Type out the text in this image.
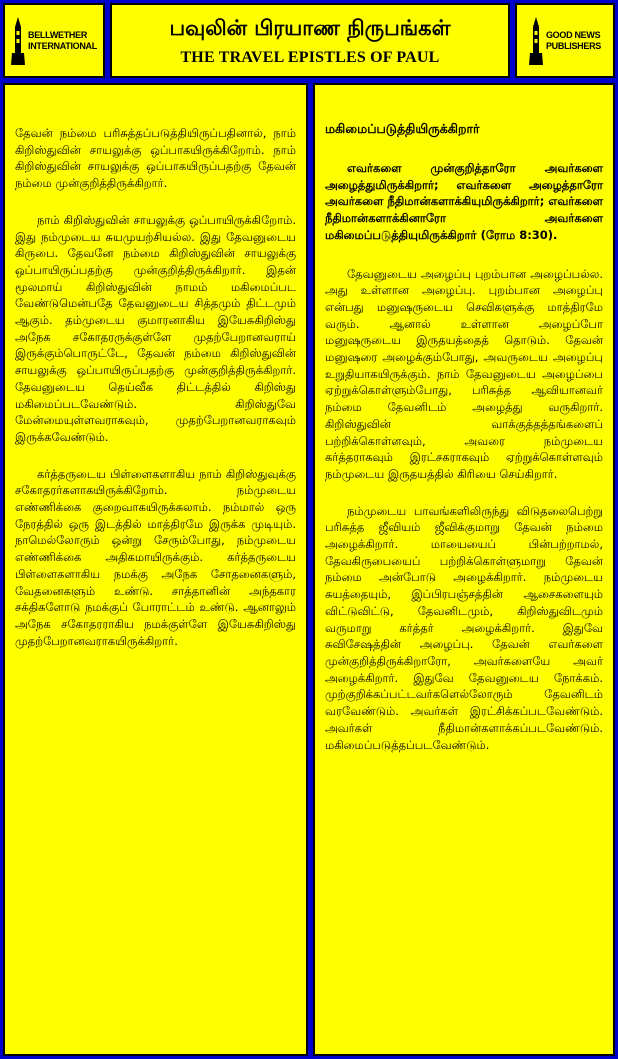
BELLWETHER
INTERNATIONAL
பவுலின் பிரயாண நிருபங்கள்
THE TRAVEL EPISTLES OF PAUL
GOOD NEWS
PUBLISHERS

தேவன் நம்மை பரிசுத்தப்படுத்தியிருப்பதினால், நாம் கிறிஸ்துவின் சாயலுக்கு ஒப்பாகயிருக்கிறோம். நாம் கிறிஸ்துவின் சாயலுக்கு ஒப்பாகயிருப்பதற்கு தேவன் நம்மை முன்குறித்திருக்கிறார்.

நாம் கிறிஸ்துவின் சாயலுக்கு ஒப்பாயிருக்கிறோம். இது நம்முடைய சுயமுயற்சியல்ல. இது தேவனுடைய கிருபை. தேவனே நம்மை கிறிஸ்துவின் சாயலுக்கு ஒப்பாயிருப்பதற்கு முன்குறித்திருக்கிறார். இதன் மூலமாய் கிறிஸ்துவின் நாமம் மகிமைப்பட வேண்டுமென்பதே தேவனுடைய சித்தமும் திட்டமும் ஆகும். தம்முடைய குமாரனாகிய இயேசுகிறிஸ்து அநேக சகோதரருக்குள்ளே முதற்பேறானவராய் இருக்கும்பொருட்டே, தேவன் நம்மை கிறிஸ்துவின் சாயலுக்கு ஒப்பாயிருப்பதற்கு முன்குறித்திருக்கிறார். தேவனுடைய தெய்வீக திட்டத்தில் கிறிஸ்து மகிமைப்படவேண்டும். கிறிஸ்துவே மேன்மையுள்ளவராகவும், முதற்பேறானவராகவும் இருக்கவேண்டும்.

கர்த்தருடைய பிள்ளைகளாகிய நாம் கிறிஸ்துவுக்கு சகோதரர்களாகயிருக்கிறோம். நம்முடைய எண்ணிக்கை குறைவாகயிருக்கலாம். நம்மால் ஒரு நேரத்தில் ஒரு இடத்தில் மாத்திரமே இருக்க முடியும். நாமெல்லோரும் ஒன்று சேரும்போது, நம்முடைய எண்ணிக்கை அதிகமாயிருக்கும். கர்த்தருடைய பிள்ளைகளாகிய நமக்கு அநேக சோதனைகளும், வேதனைகளும் உண்டு. சாத்தானின் அந்தகார சக்திகளோடு நமக்குப் போராட்டம் உண்டு. ஆனாலும் அநேக சகோதரராகிய நமக்குள்ளே இயேசுகிறிஸ்து முதற்பேறானவராகயிருக்கிறார்.

மகிமைப்படுத்தியிருக்கிறார்

எவர்களை முன்குறித்தாரோ அவர்களை அழைத்துமிருக்கிறார்; எவர்களை அழைத்தாரோ அவர்களை நீதிமான்களாக்கியுமிருக்கிறார்; எவர்களை நீதிமான்களாக்கினாரோ அவர்களை மகிமைப்படுத்தியுமிருக்கிறார் (ரோம 8:30).

தேவனுடைய அழைப்பு புறம்பான அழைப்பல்ல. அது உள்ளான அழைப்பு. புறம்பான அழைப்பு என்பது மனுஷருடைய செவிகளுக்கு மாத்திரமே வரும். ஆனால் உள்ளான அழைப்போ மனுஷருடைய இருதயத்தைத் தொடும். தேவன் மனுஷரை அழைக்கும்போது, அவருடைய அழைப்பு உறுதியாகயிருக்கும். நாம் தேவனுடைய அழைப்பை ஏற்றுக்கொள்ளும்போது, பரிசுத்த ஆவியானவர் நம்மை தேவனிடம் அழைத்து வருகிறார். கிறிஸ்துவின் வாக்குத்தத்தங்களைப் பற்றிக்கொள்ளவும், அவரை நம்முடைய கர்த்தராகவும் இரட்சகராகவும் ஏற்றுக்கொள்ளவும் நம்முடைய இருதயத்தில் கிரியை செய்கிறார்.

நம்முடைய பாவங்களிலிருந்து விடுதலைபெற்று பரிசுத்த ஜீவியம் ஜீவிக்குமாறு தேவன் நம்மை அழைக்கிறார். மாயையைப் பின்பற்றாமல், தேவகிருபையைப் பற்றிக்கொள்ளுமாறு தேவன் நம்மை அன்போடு அழைக்கிறார். நம்முடைய சுயத்தையும், இப்பிரபஞ்சத்தின் ஆசைகளையும் விட்டுவிட்டு, தேவனிடமும், கிறிஸ்துவிடமும் வருமாறு கர்த்தர் அழைக்கிறார். இதுவே சுவிசேஷத்தின் அழைப்பு. தேவன் எவர்களை முன்குறித்திருக்கிறாரோ, அவர்களையே அவர் அழைக்கிறார். இதுவே தேவனுடைய நோக்கம். முற்குறிக்கப்பட்டவர்களெல்லோரும் தேவனிடம் வரவேண்டும். அவர்கள் இரட்சிக்கப்படவேண்டும். அவர்கள் நீதிமான்களாக்கப்படவேண்டும். மகிமைப்படுத்தப்படவேண்டும்.
